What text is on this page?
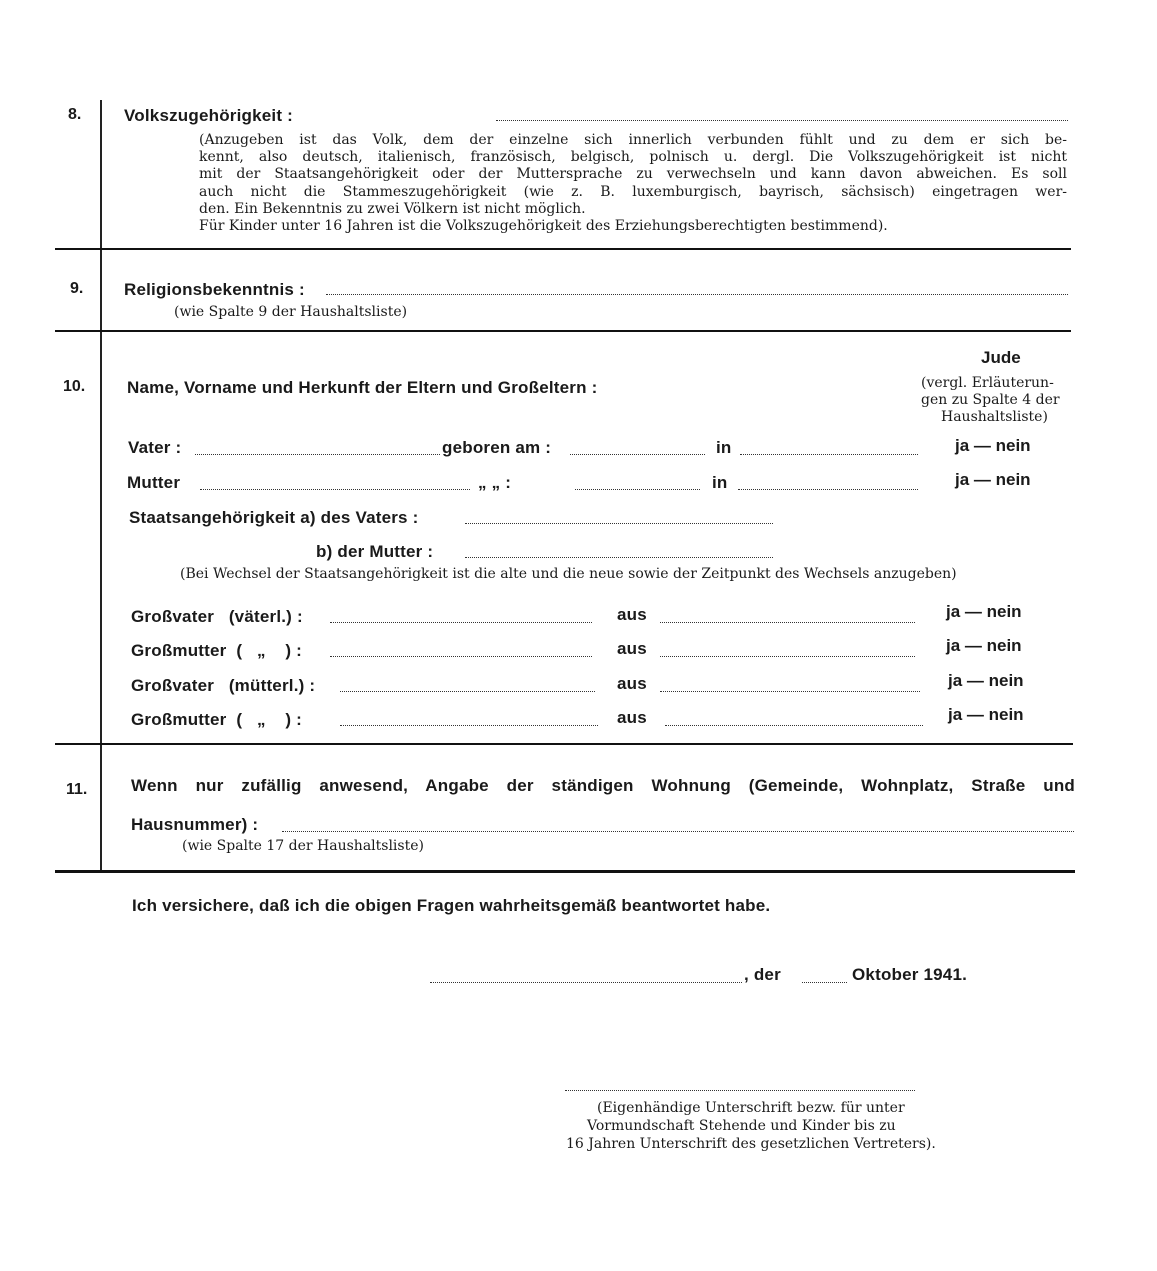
8.	Volkszugehörigkeit :
(Anzugeben ist das Volk, dem der einzelne sich innerlich verbunden fühlt und zu dem er sich be-
kennt, also deutsch, italienisch, französisch, belgisch, polnisch u. dergl. Die Volkszugehörigkeit ist nicht
mit der Staatsangehörigkeit oder der Muttersprache zu verwechseln und kann davon abweichen. Es soll
auch nicht die Stammeszugehörigkeit (wie z. B. luxemburgisch, bayrisch, sächsisch) eingetragen wer-
den. Ein Bekenntnis zu zwei Völkern ist nicht möglich.
Für Kinder unter 16 Jahren ist die Volkszugehörigkeit des Erziehungsberechtigten bestimmend).
9. Religionsbekenntnis :
(wie Spalte 9 der Haushaltsliste)
10. Name, Vorname und Herkunft der Eltern und Großeltern :
Jude
(vergl. Erläuterun-
gen zu Spalte 4 der
Haushaltsliste)
Vater :	geboren am :	in	ja — nein
Mutter	„ „ :	in	ja — nein
Staatsangehörigkeit a) des Vaters :
b) der Mutter :
(Bei Wechsel der Staatsangehörigkeit ist die alte und die neue sowie der Zeitpunkt des Wechsels anzugeben)
Großvater   (väterl.) :	aus	ja — nein
Großmutter  (   „    ) :	aus	ja — nein
Großvater   (mütterl.) :	aus	ja — nein
Großmutter  (   „    ) :	aus	ja — nein
11.	Wenn nur zufällig anwesend, Angabe der ständigen Wohnung (Gemeinde, Wohnplatz, Straße und
Hausnummer) :
(wie Spalte 17 der Haushaltsliste)
Ich versichere, daß ich die obigen Fragen wahrheitsgemäß beantwortet habe.
, der	Oktober 1941.
(Eigenhändige Unterschrift bezw. für unter
Vormundschaft Stehende und Kinder bis zu
16 Jahren Unterschrift des gesetzlichen Vertreters).
